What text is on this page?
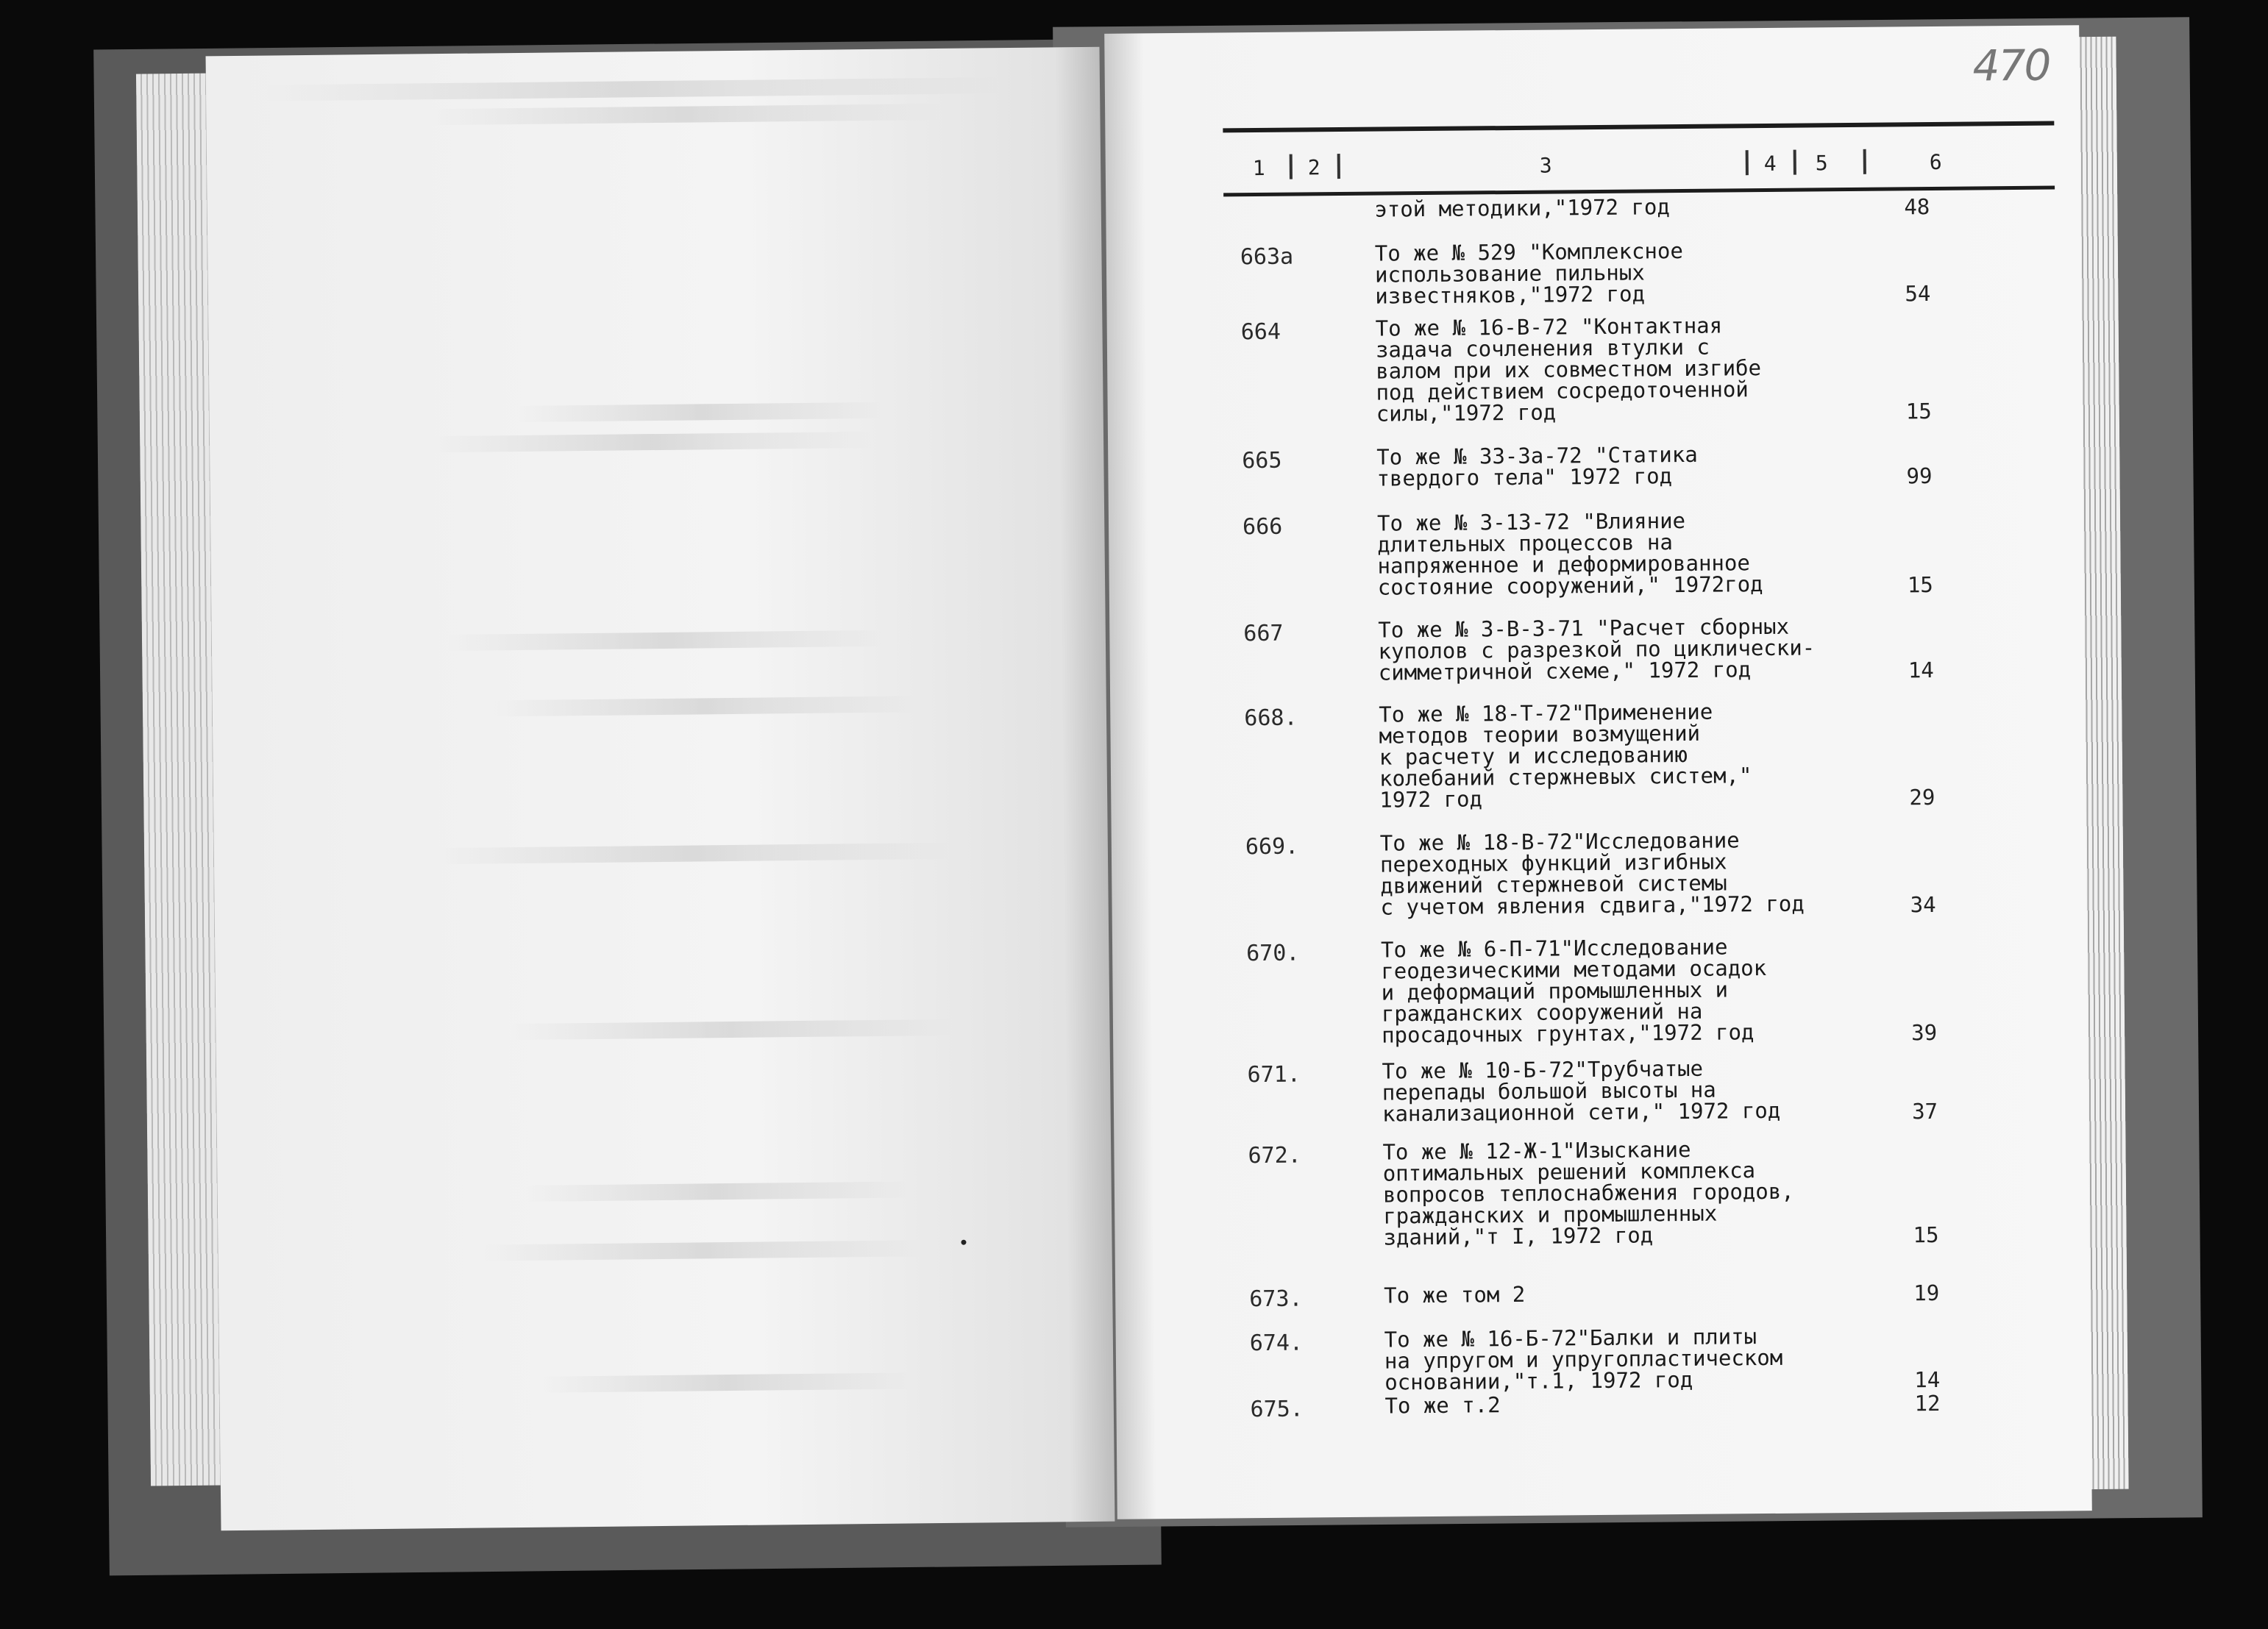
470
1 2	3	4 5	6
этой методики,"1972 год	48
663а	То же № 529 "Комплексное
использование пильных
известняков,"1972 год	54
664	То же № 16-В-72 "Контактная
задача сочленения втулки с
валом при их совместном изгибе
под действием сосредоточенной
силы,"1972 год	15
665	То же № 33-3а-72 "Статика
твердого тела" 1972 год	99
666	То же № 3-13-72 "Влияние
длительных процессов на
напряженное и деформированное
состояние сооружений," 1972год	15
667	То же № 3-В-3-71 "Расчет сборных
куполов с разрезкой по циклически-
симметричной схеме," 1972 год	14
668.	То же № 18-Т-72"Применение
методов теории возмущений
к расчету и исследованию
колебаний стержневых систем,"
1972 год	29
669.	То же № 18-В-72"Исследование
переходных функций изгибных
движений стержневой системы
с учетом явления сдвига,"1972 год	34
670.	То же № 6-П-71"Исследование
геодезическими методами осадок
и деформаций промышленных и
гражданских сооружений на
просадочных грунтах,"1972 год	39
671.	То же № 10-Б-72"Трубчатые
перепады большой высоты на
канализационной сети," 1972 год	37
672.	То же № 12-Ж-1"Изыскание
оптимальных решений комплекса
вопросов теплоснабжения городов,
гражданских и промышленных
зданий,"т I, 1972 год	15
673.	То же том 2	19
674.	То же № 16-Б-72"Балки и плиты
на упругом и упругопластическом
основании,"т.1, 1972 год	14
675.	То же т.2	12
